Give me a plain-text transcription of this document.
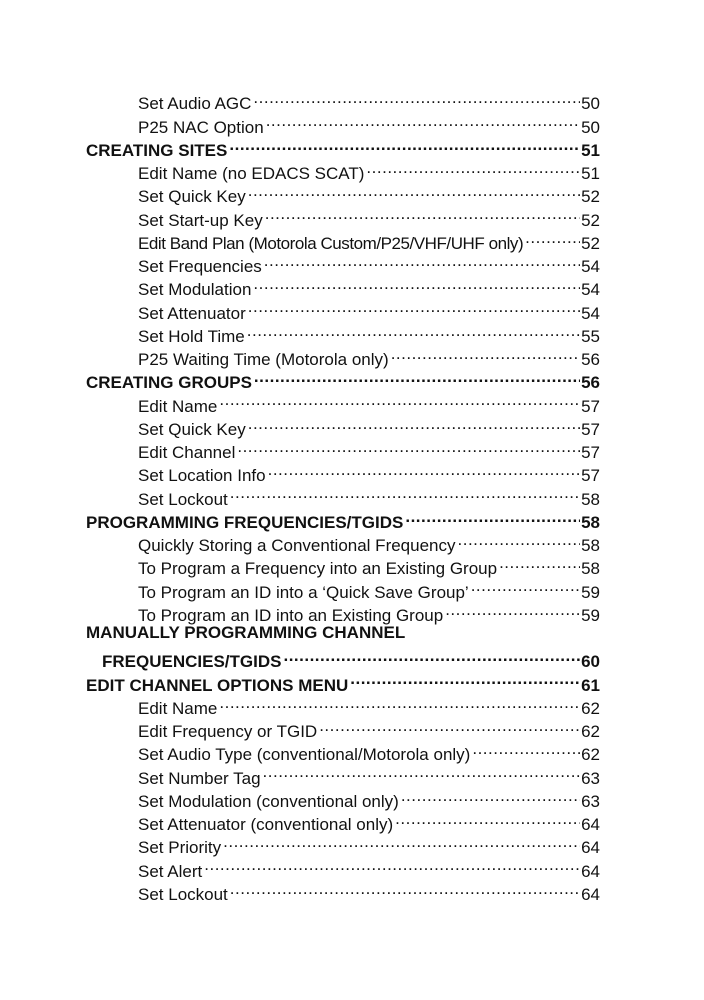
Set Audio AGC .....	50
P25 NAC Option .....	50
CREATING SITES .....	51
Edit Name (no EDACS SCAT) .....	51
Set Quick Key .....	52
Set Start-up Key .....	52
Edit Band Plan (Motorola Custom/P25/VHF/UHF only) .....	52
Set Frequencies .....	54
Set Modulation .....	54
Set Attenuator .....	54
Set Hold Time .....	55
P25 Waiting Time (Motorola only) .....	56
CREATING GROUPS .....	56
Edit Name .....	57
Set Quick Key .....	57
Edit Channel .....	57
Set Location Info .....	57
Set Lockout .....	58
PROGRAMMING FREQUENCIES/TGIDS .....	58
Quickly Storing a Conventional Frequency .....	58
To Program a Frequency into an Existing Group .....	58
To Program an ID into a ‘Quick Save Group’ .....	59
To Program an ID into an Existing Group .....	59
MANUALLY PROGRAMMING CHANNEL
FREQUENCIES/TGIDS .....	60
EDIT CHANNEL OPTIONS MENU .....	61
Edit Name .....	62
Edit Frequency or TGID .....	62
Set Audio Type (conventional/Motorola only) .....	62
Set Number Tag .....	63
Set Modulation (conventional only) .....	63
Set Attenuator (conventional only) .....	64
Set Priority .....	64
Set Alert .....	64
Set Lockout .....	64
